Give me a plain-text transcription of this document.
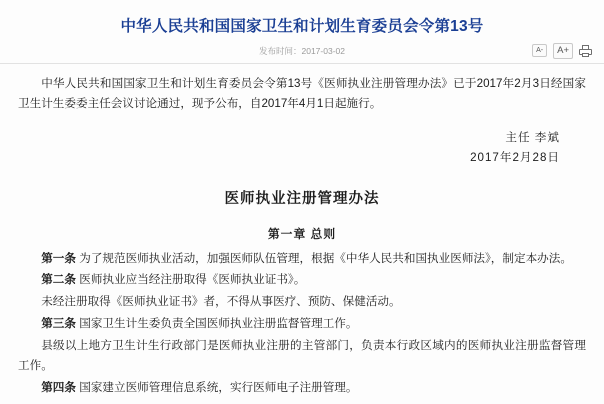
中华人民共和国国家卫生和计划生育委员会令第13号
发布时间：2017-03-02	A- A+

中华人民共和国国家卫生和计划生育委员会令第13号《医师执业注册管理办法》已于2017年2月3日经国家卫生计生委委主任会议讨论通过，现予公布，自2017年4月1日起施行。

主任 李斌
2017年2月28日
医师执业注册管理办法
第一章 总则

第一条 为了规范医师执业活动，加强医师队伍管理，根据《中华人民共和国执业医师法》，制定本办法。

第二条 医师执业应当经注册取得《医师执业证书》。

未经注册取得《医师执业证书》者，不得从事医疗、预防、保健活动。

第三条 国家卫生计生委负责全国医师执业注册监督管理工作。

县级以上地方卫生计生行政部门是医师执业注册的主管部门，负责本行政区域内的医师执业注册监督管理工作。

第四条 国家建立医师管理信息系统，实行医师电子注册管理。
